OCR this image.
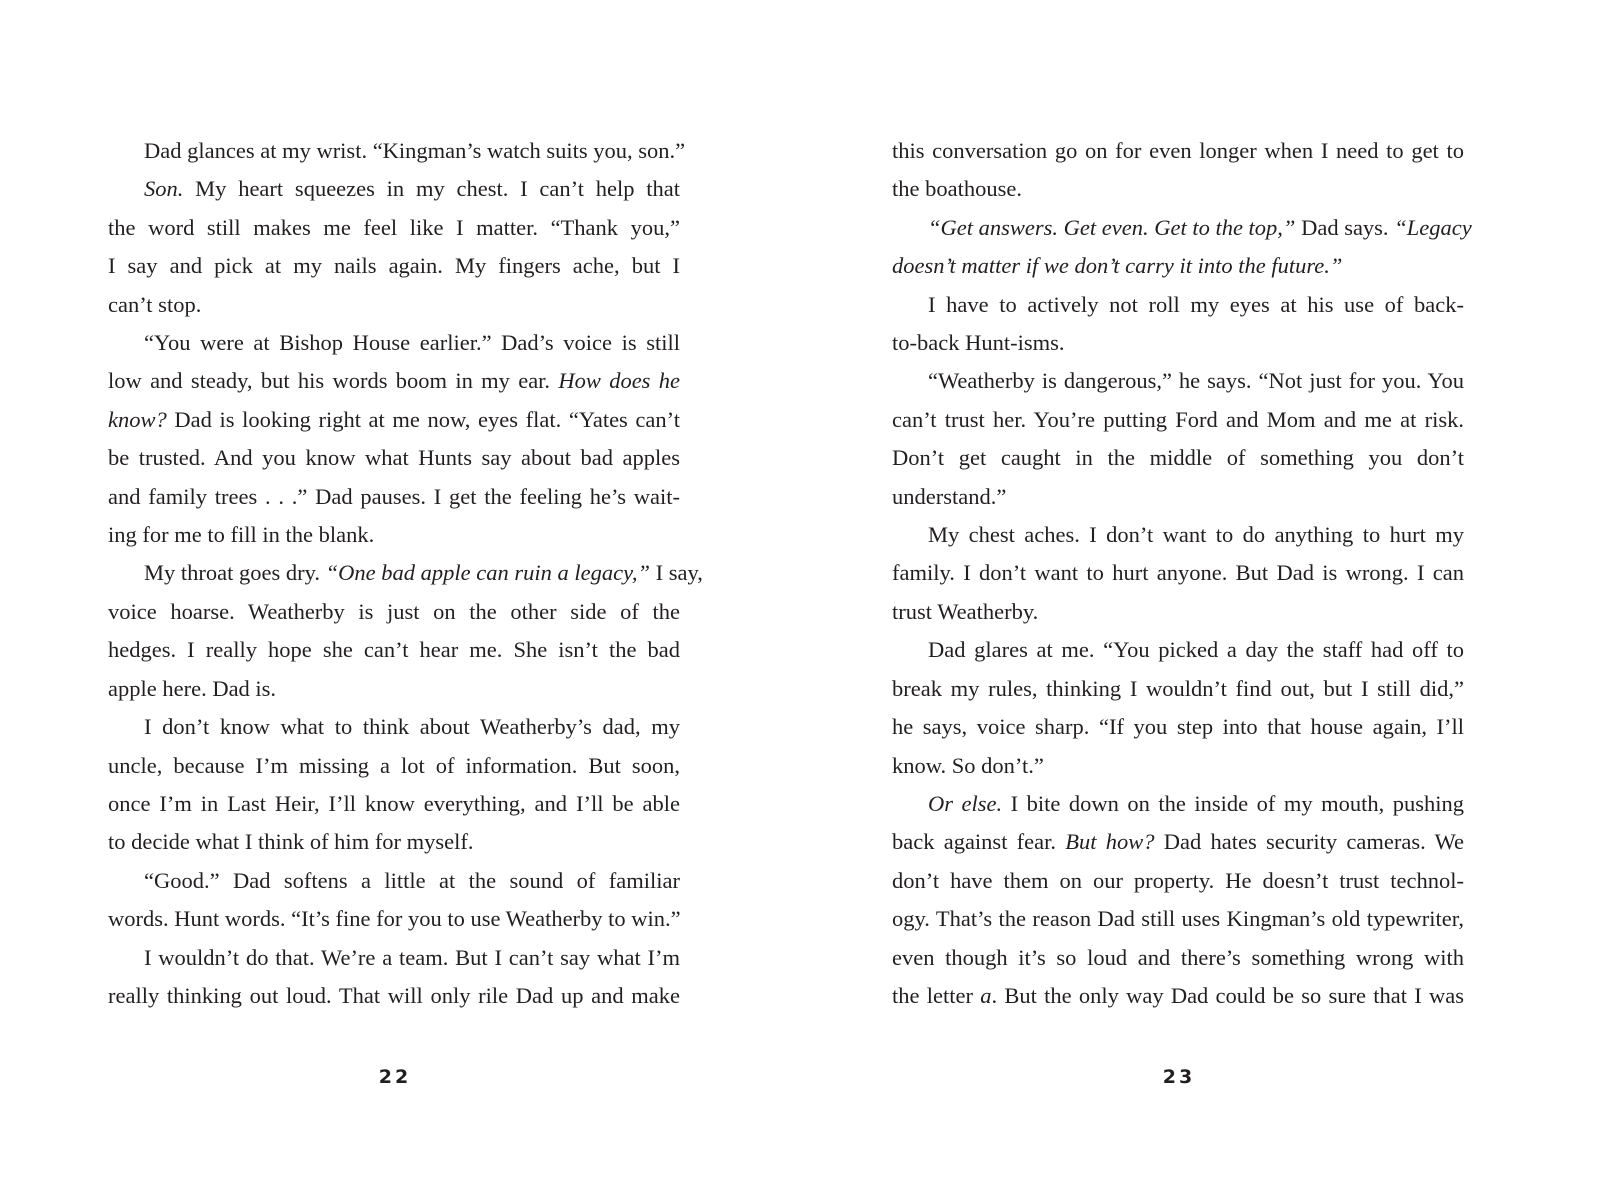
Dad glances at my wrist. “Kingman’s watch suits you, son.”

Son. My heart squeezes in my chest. I can’t help that
the word still makes me feel like I matter. “Thank you,”
I say and pick at my nails again. My fingers ache, but I
can’t stop.

“You were at Bishop House earlier.” Dad’s voice is still
low and steady, but his words boom in my ear. How does he
know? Dad is looking right at me now, eyes flat. “Yates can’t
be trusted. And you know what Hunts say about bad apples
and family trees . . .” Dad pauses. I get the feeling he’s wait-
ing for me to fill in the blank.

My throat goes dry. “One bad apple can ruin a legacy,” I say,
voice hoarse. Weatherby is just on the other side of the
hedges. I really hope she can’t hear me. She isn’t the bad
apple here. Dad is.

I don’t know what to think about Weatherby’s dad, my
uncle, because I’m missing a lot of information. But soon,
once I’m in Last Heir, I’ll know everything, and I’ll be able
to decide what I think of him for myself.

“Good.” Dad softens a little at the sound of familiar
words. Hunt words. “It’s fine for you to use Weatherby to win.”

I wouldn’t do that. We’re a team. But I can’t say what I’m
really thinking out loud. That will only rile Dad up and make

22

this conversation go on for even longer when I need to get to
the boathouse.

“Get answers. Get even. Get to the top,” Dad says. “Legacy
doesn’t matter if we don’t carry it into the future.”

I have to actively not roll my eyes at his use of back-
to-back Hunt-isms.

“Weatherby is dangerous,” he says. “Not just for you. You
can’t trust her. You’re putting Ford and Mom and me at risk.
Don’t get caught in the middle of something you don’t
understand.”

My chest aches. I don’t want to do anything to hurt my
family. I don’t want to hurt anyone. But Dad is wrong. I can
trust Weatherby.

Dad glares at me. “You picked a day the staff had off to
break my rules, thinking I wouldn’t find out, but I still did,”
he says, voice sharp. “If you step into that house again, I’ll
know. So don’t.”

Or else. I bite down on the inside of my mouth, pushing
back against fear. But how? Dad hates security cameras. We
don’t have them on our property. He doesn’t trust technol-
ogy. That’s the reason Dad still uses Kingman’s old typewriter,
even though it’s so loud and there’s something wrong with
the letter a. But the only way Dad could be so sure that I was

23
